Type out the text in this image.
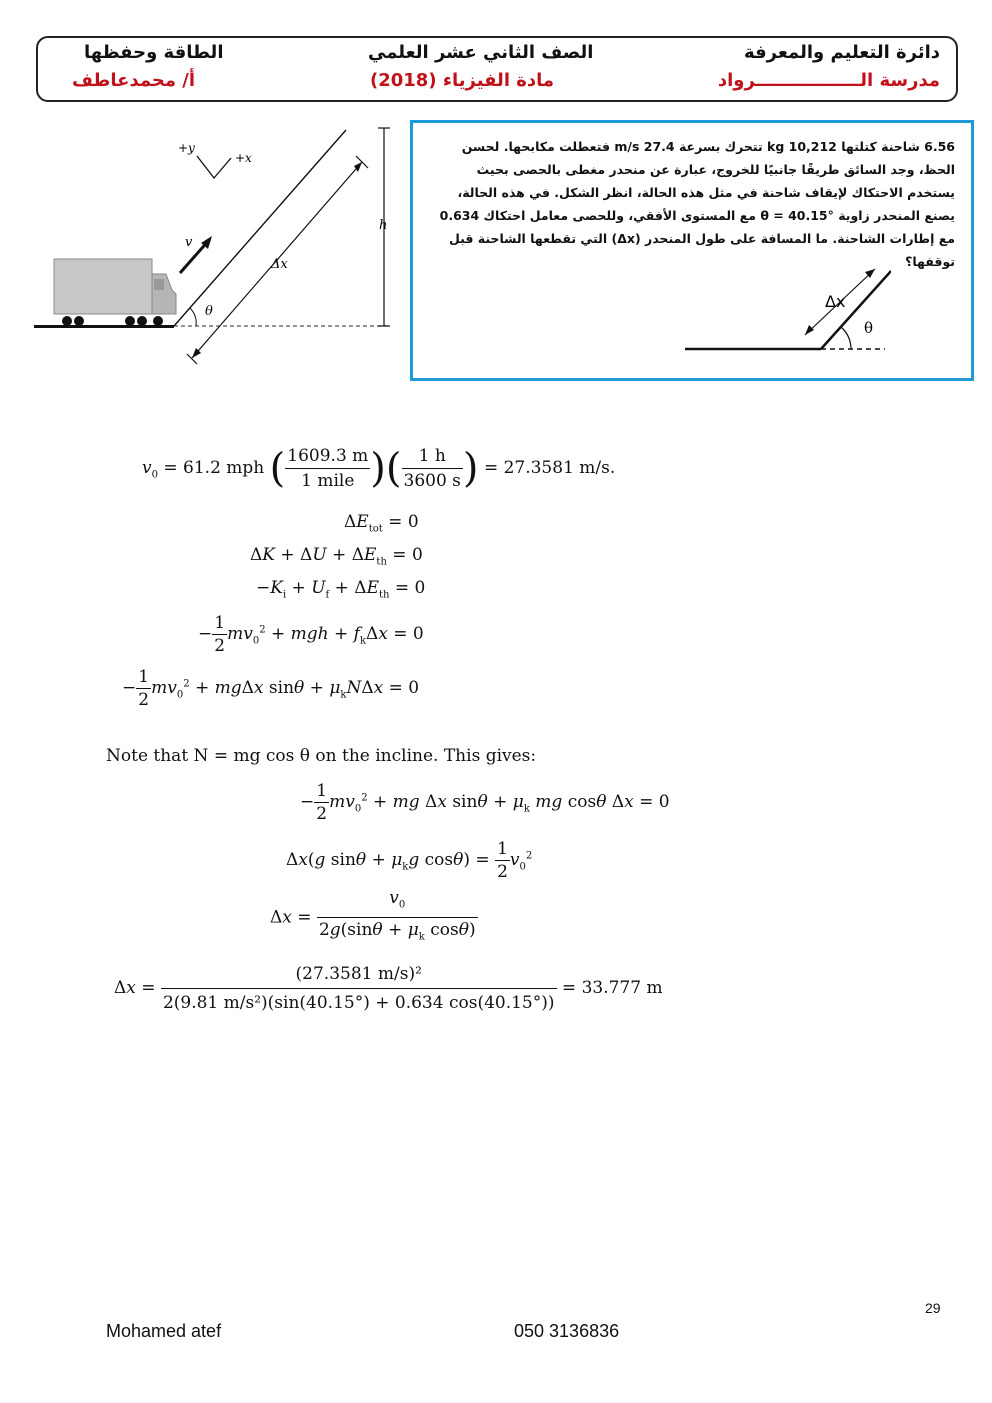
دائرة التعليم والمعرفة
مدرسة الـــــــــــــــــرواد
الصف الثاني عشر العلمي
مادة الفيزياء (2018)
الطاقة وحفظها
أ/ محمدعاطف
+y
+x
v
Δx
h
θ
6.56 شاحنة كتلتها 10,212 kg تتحرك بسرعة 27.4 m/s فتعطلت مكابحها. لحسن الحظ، وجد السائق طريقًا جانبيًا للخروج، عبارة عن منحدر مغطى بالحصى بحيث يستخدم الاحتكاك لإيقاف شاحنة في مثل هذه الحالة، انظر الشكل. في هذه الحالة، يصنع المنحدر زاوية θ = 40.15° مع المستوى الأفقي، وللحصى معامل احتكاك 0.634 مع إطارات الشاحنة. ما المسافة على طول المنحدر (Δx) التي تقطعها الشاحنة قبل توقفها؟
Δx
θ
$v_0 = 61.2$ mph ( $\frac{1609.3 m}{\text{1 mile}}$ )( $\frac{1 h}{3600 s}$ ) = 27.3581 m/s.
$\Delta E_{tot} = 0$
$\Delta K + \Delta U + \Delta E_{th} = 0$
$-K_i + U_f + \Delta E_{th} = 0$
− $\frac{1}{2} mv_0^2$ + mgh + $f_k\Delta x = 0$
− $\frac{1}{2} mv_0^2 + mg\Delta x$ $\sin\theta + \mu_kN\Delta x = 0$
Note that N = mg cos θ on the incline. This gives:
− $\frac{1}{2} mv_0^2$ + mg Δx $\sin\theta + \mu_k$ mg cosθ Δx = 0
Δx(g $\sin\theta + \mu_kg$ $\cos\theta) = \frac{1}{2} v_0^2$
$\Delta x = \frac{v_0}{2g(\sin\theta + \mu_k \cos\theta)}$
$\Delta x = \frac{\text{(27.3581 m/s)²}}{\text{2(9.81 m/s²)(sin(40.15°) + 0.634 cos(40.15°))}} = 33.777$ m
29
Mohamed atef	050 3136836
